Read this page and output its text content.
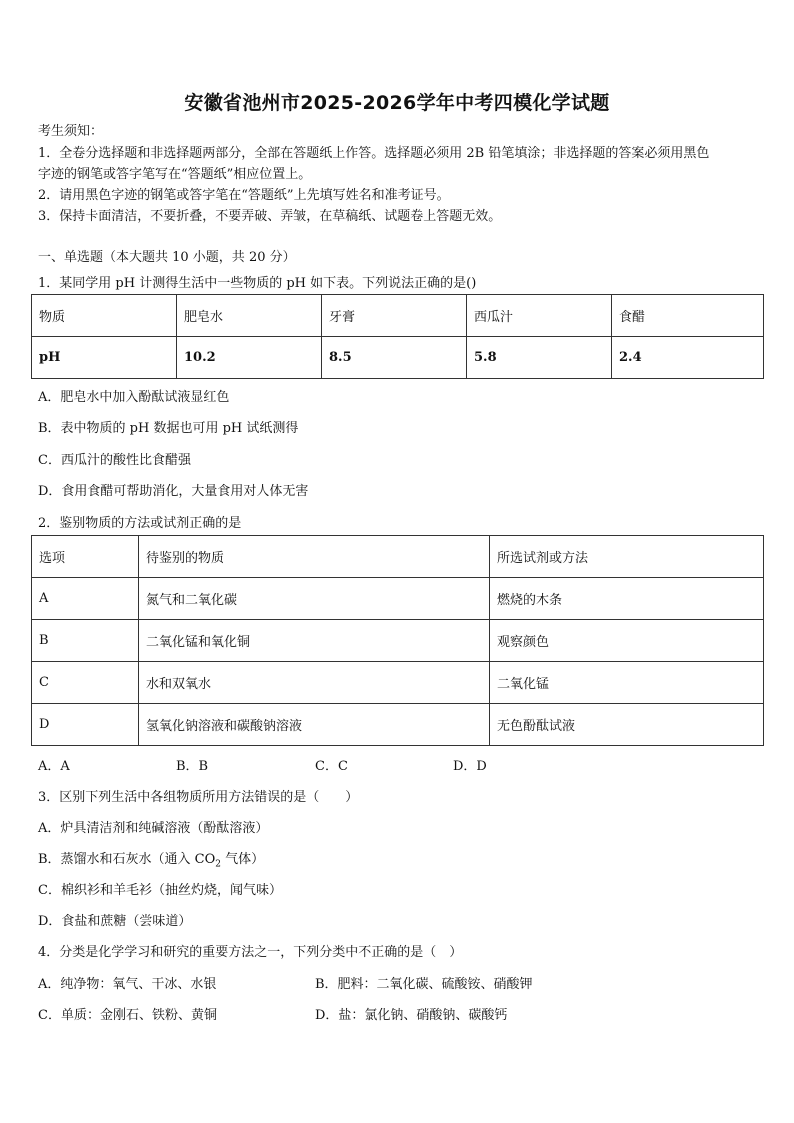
安徽省池州市2025-2026学年中考四模化学试题
考生须知：
1．全卷分选择题和非选择题两部分，全部在答题纸上作答。选择题必须用 2B 铅笔填涂；非选择题的答案必须用黑色
字迹的钢笔或答字笔写在“答题纸”相应位置上。
2．请用黑色字迹的钢笔或答字笔在“答题纸”上先填写姓名和准考证号。
3．保持卡面清洁，不要折叠，不要弄破、弄皱，在草稿纸、试题卷上答题无效。
一、单选题（本大题共 10 小题，共 20 分）
1．某同学用 pH 计测得生活中一些物质的 pH 如下表。下列说法正确的是()
物质	肥皂水	牙膏	西瓜汁	食醋
pH	10.2	8.5	5.8	2.4
A．肥皂水中加入酚酞试液显红色
B．表中物质的 pH 数据也可用 pH 试纸测得
C．西瓜汁的酸性比食醋强
D．食用食醋可帮助消化，大量食用对人体无害
2．鉴别物质的方法或试剂正确的是
选项	待鉴别的物质	所选试剂或方法
A	氮气和二氧化碳	燃烧的木条
B	二氧化锰和氧化铜	观察颜色
C	水和双氧水	二氧化锰
D	氢氧化钠溶液和碳酸钠溶液	无色酚酞试液
A．A	B．B	C．C	D．D
3．区别下列生活中各组物质所用方法错误的是（　　）
A．炉具清洁剂和纯碱溶液（酚酞溶液）
B．蒸馏水和石灰水（通入 $CO_2$ 气体）
C．棉织衫和羊毛衫（抽丝灼烧，闻气味）
D．食盐和蔗糖（尝味道）
4．分类是化学学习和研究的重要方法之一，下列分类中不正确的是（　）
A．纯净物：氧气、干冰、水银	B．肥料：二氧化碳、硫酸铵、硝酸钾
C．单质：金刚石、铁粉、黄铜	D．盐：氯化钠、硝酸钠、碳酸钙
